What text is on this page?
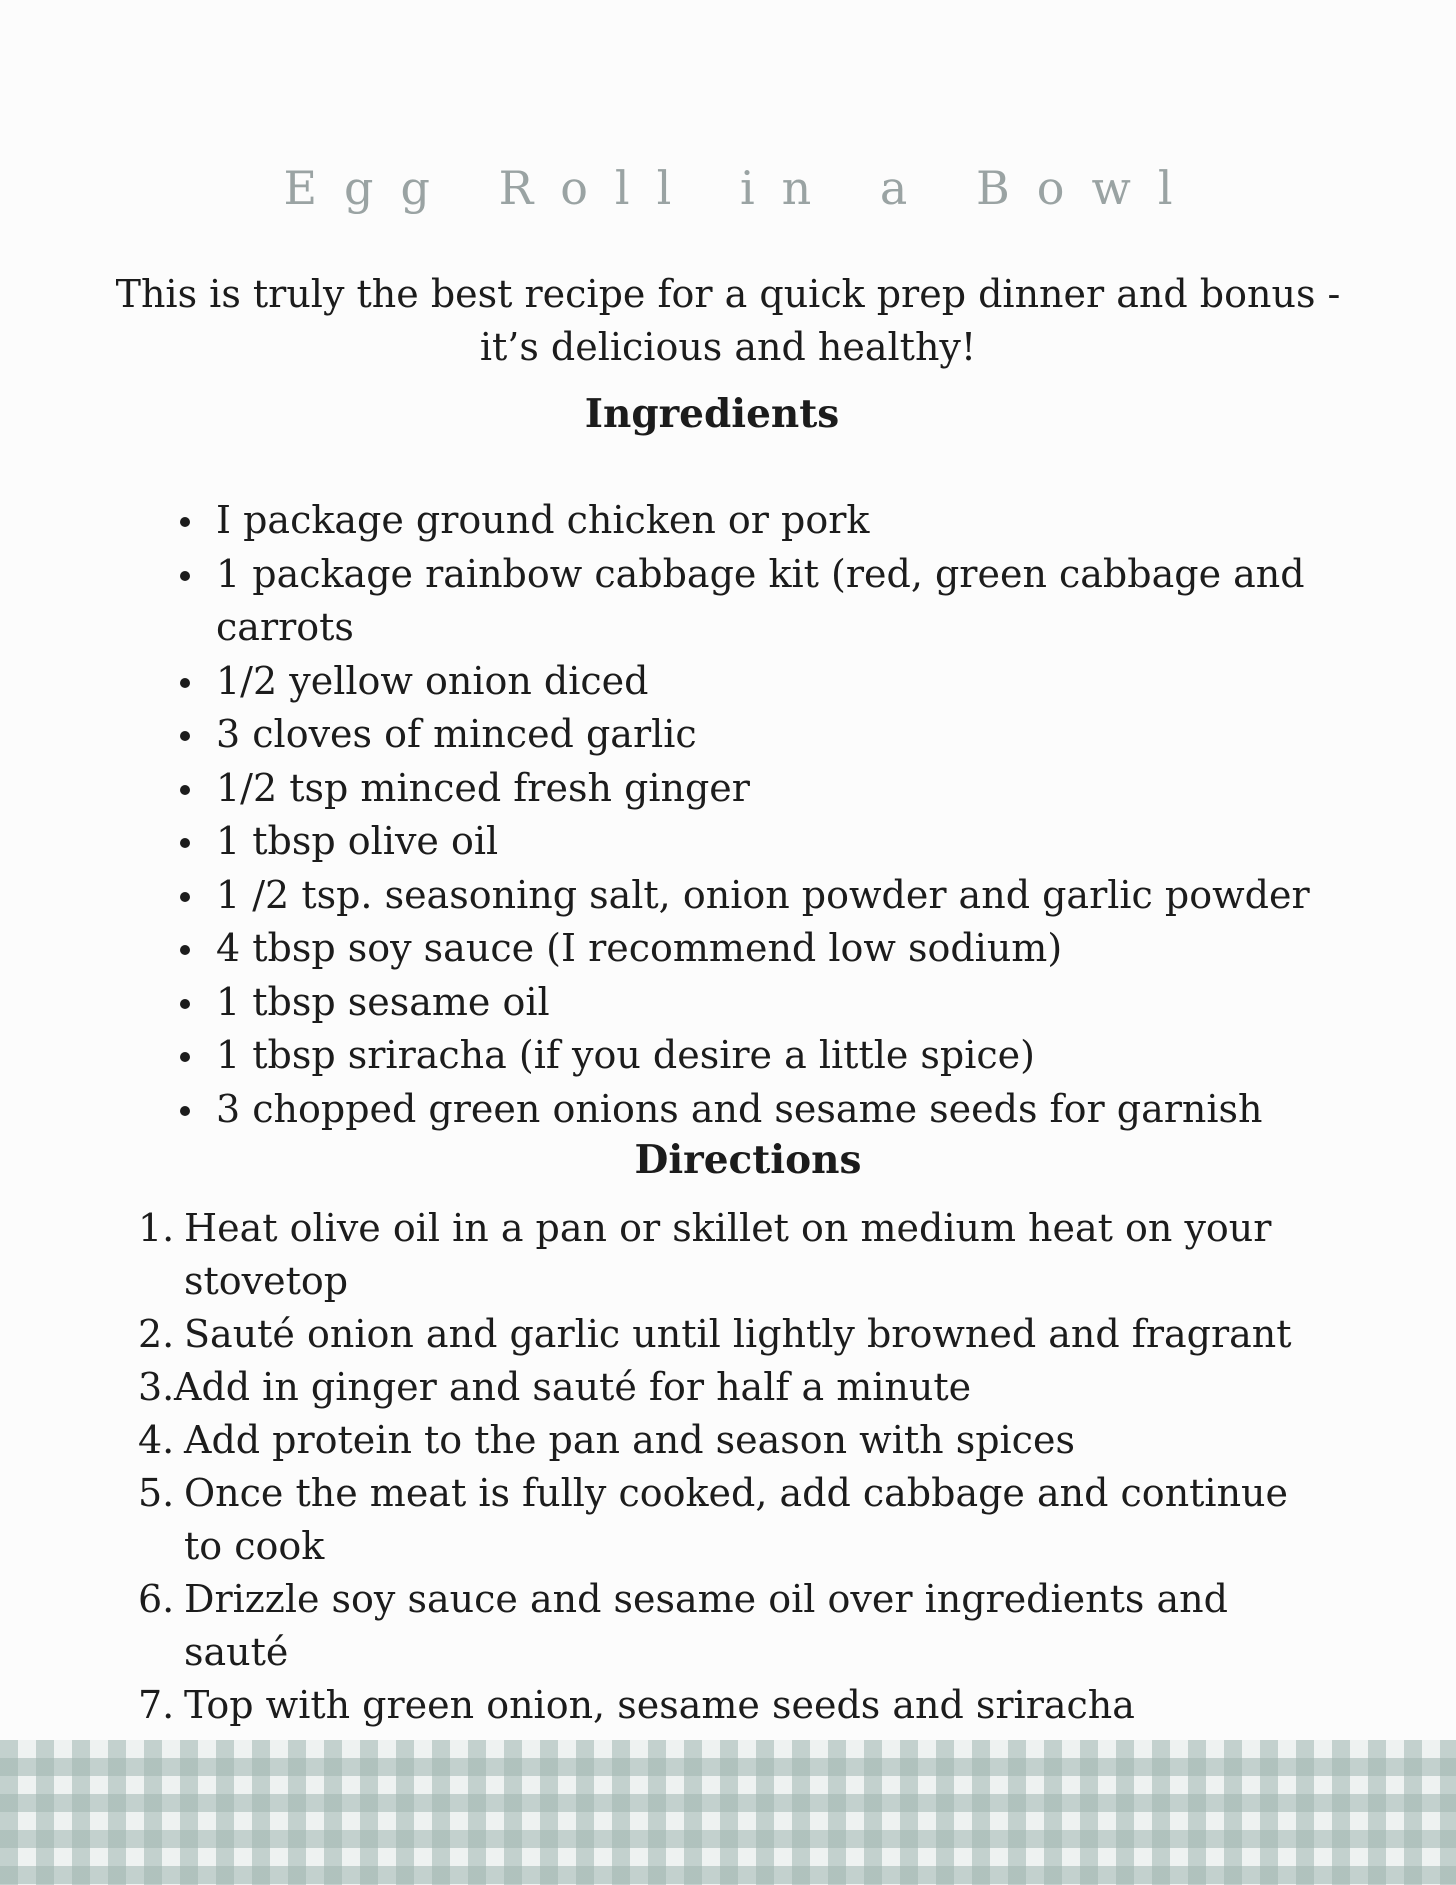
Egg Roll in a Bowl

This is truly the best recipe for a quick prep dinner and bonus - it’s delicious and healthy!

Ingredients
I package ground chicken or pork
1 package rainbow cabbage kit (red, green cabbage and carrots
1/2 yellow onion diced
3 cloves of minced garlic
1/2 tsp minced fresh ginger
1 tbsp olive oil
1 /2 tsp. seasoning salt, onion powder and garlic powder
4 tbsp soy sauce (I recommend low sodium)
1 tbsp sesame oil
1 tbsp sriracha (if you desire a little spice)
3 chopped green onions and sesame seeds for garnish
Directions
1. Heat olive oil in a pan or skillet on medium heat on your stovetop
2. Sauté onion and garlic until lightly browned and fragrant
3. Add in ginger and sauté for half a minute
4. Add protein to the pan and season with spices
5. Once the meat is fully cooked, add cabbage and continue to cook
6. Drizzle soy sauce and sesame oil over ingredients and sauté
7. Top with green onion, sesame seeds and sriracha
